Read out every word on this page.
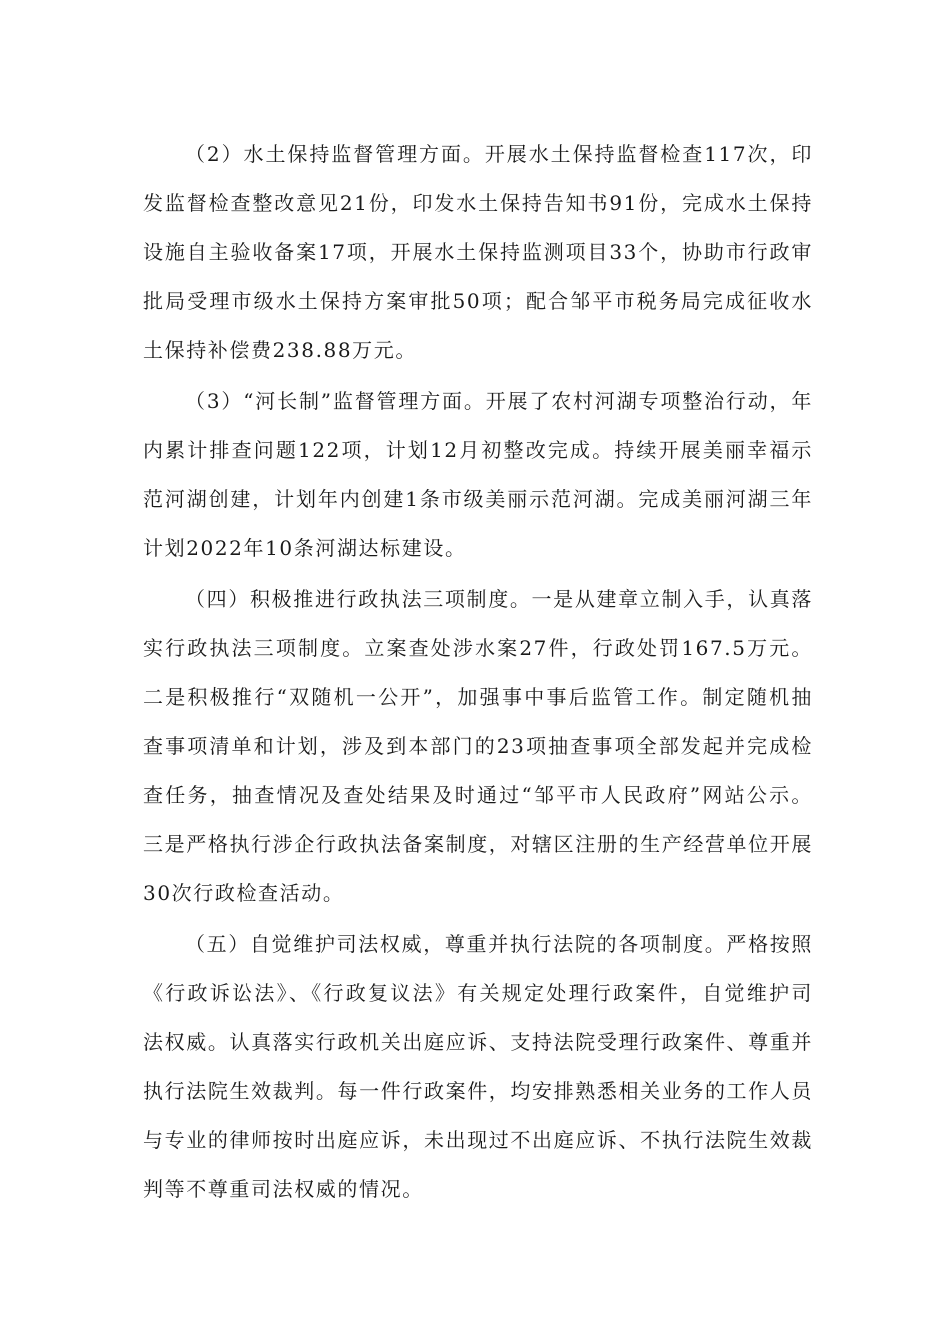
（2）水土保持监督管理方面。开展水土保持监督检查117次，印发监督检查整改意见21份，印发水土保持告知书91份，完成水土保持设施自主验收备案17项，开展水土保持监测项目33个，协助市行政审批局受理市级水土保持方案审批50项；配合邹平市税务局完成征收水土保持补偿费238.88万元。

（3）“河长制”监督管理方面。开展了农村河湖专项整治行动，年内累计排查问题122项，计划12月初整改完成。持续开展美丽幸福示范河湖创建，计划年内创建1条市级美丽示范河湖。完成美丽河湖三年计划2022年10条河湖达标建设。

（四）积极推进行政执法三项制度。一是从建章立制入手，认真落实行政执法三项制度。立案查处涉水案27件，行政处罚167.5万元。二是积极推行“双随机一公开”，加强事中事后监管工作。制定随机抽查事项清单和计划，涉及到本部门的23项抽查事项全部发起并完成检查任务，抽查情况及查处结果及时通过“邹平市人民政府”网站公示。三是严格执行涉企行政执法备案制度，对辖区注册的生产经营单位开展30次行政检查活动。

（五）自觉维护司法权威，尊重并执行法院的各项制度。严格按照《行政诉讼法》、《行政复议法》有关规定处理行政案件，自觉维护司法权威。认真落实行政机关出庭应诉、支持法院受理行政案件、尊重并执行法院生效裁判。每一件行政案件，均安排熟悉相关业务的工作人员与专业的律师按时出庭应诉，未出现过不出庭应诉、不执行法院生效裁判等不尊重司法权威的情况。
